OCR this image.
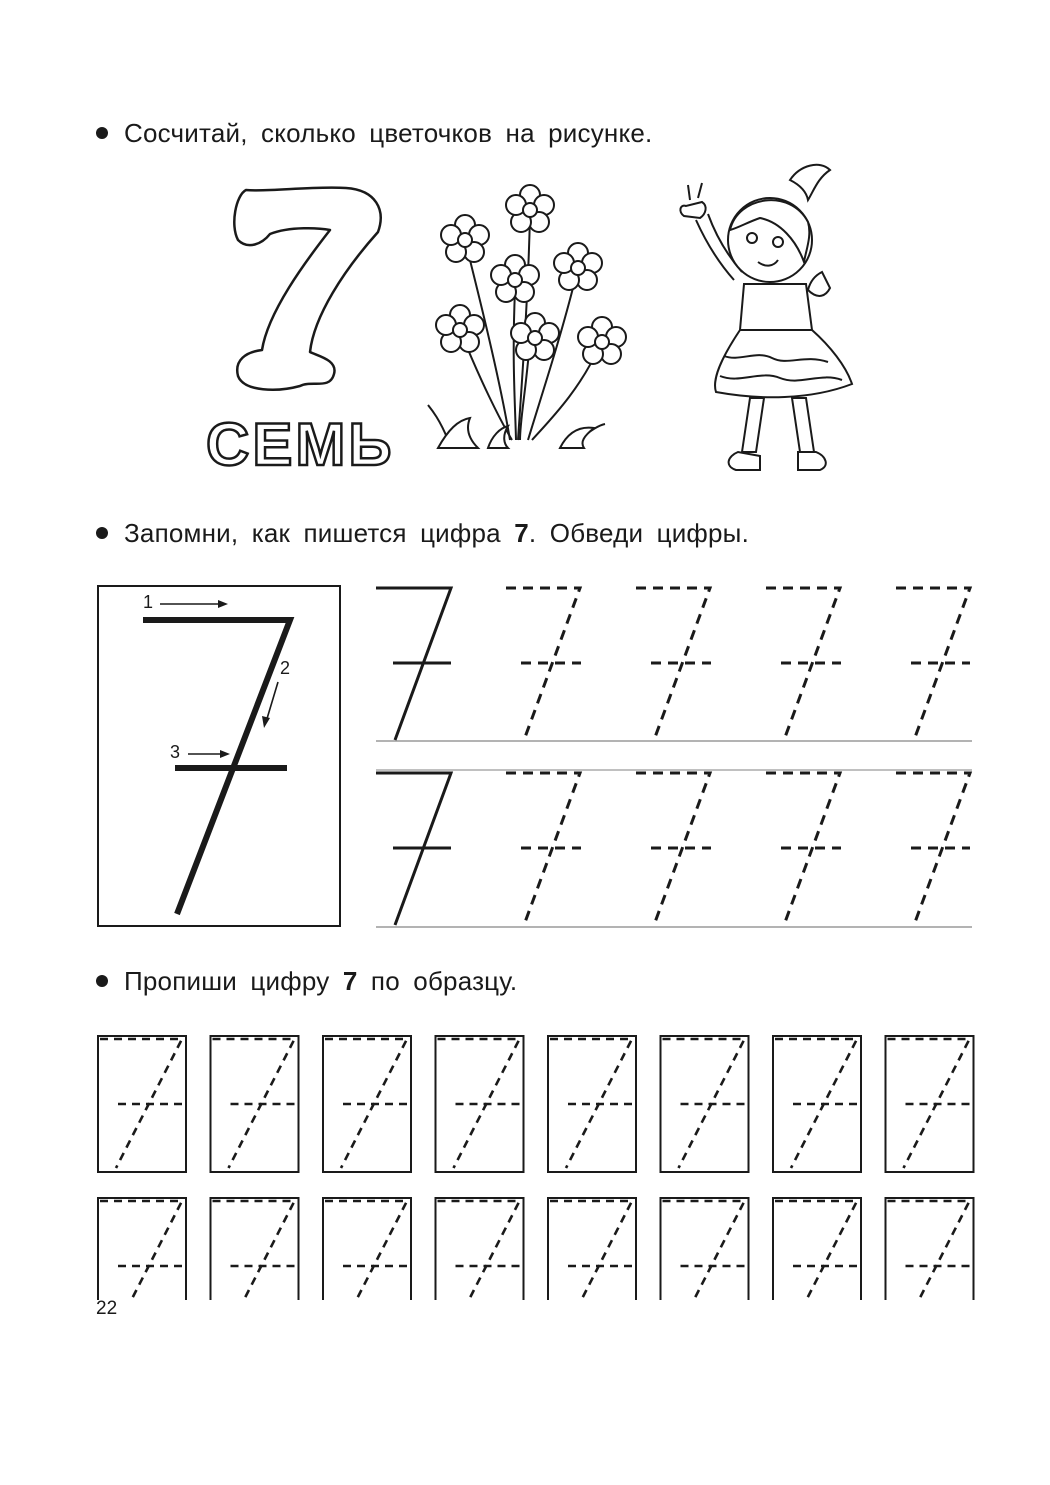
Сосчитай, сколько цветочков на рисунке.
СЕМЬ
Запомни, как пишется цифра 7. Обведи цифры.
1
2
3
Пропиши цифру 7 по образцу.
22
